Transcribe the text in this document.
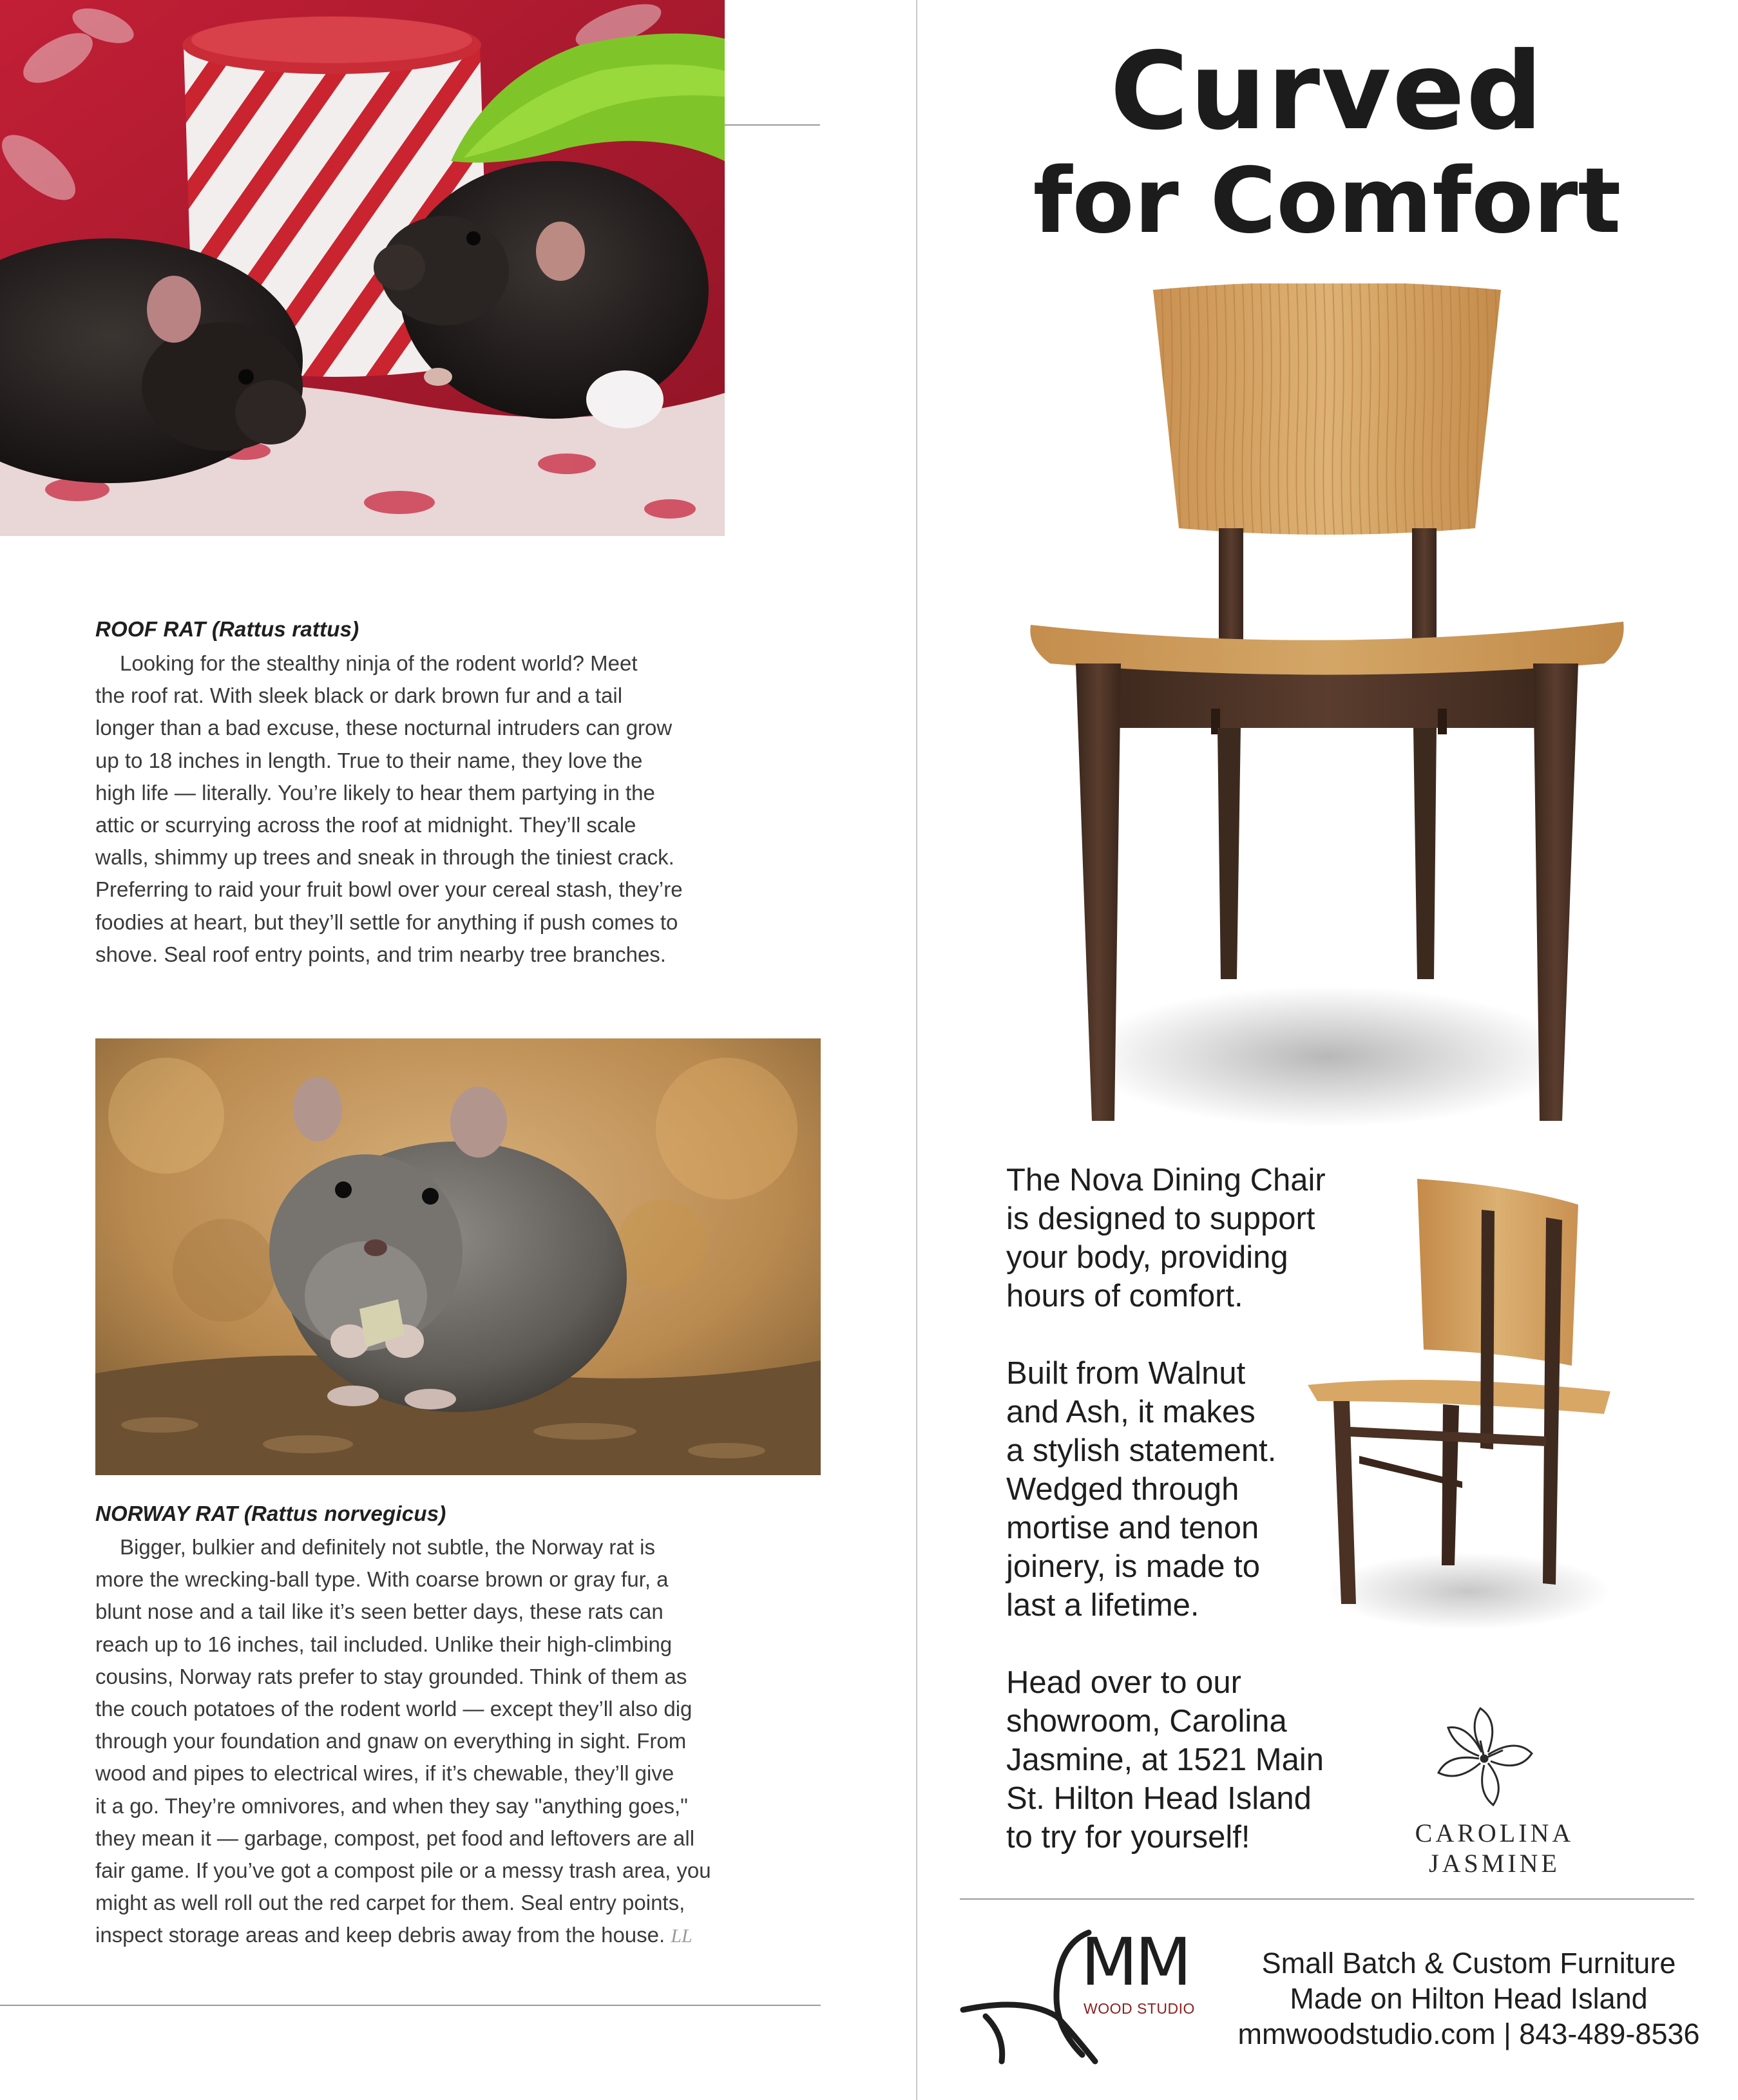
ROOF RAT (Rattus rattus)
Looking for the stealthy ninja of the rodent world? Meet
the roof rat. With sleek black or dark brown fur and a tail
longer than a bad excuse, these nocturnal intruders can grow
up to 18 inches in length. True to their name, they love the
high life — literally. You’re likely to hear them partying in the
attic or scurrying across the roof at midnight. They’ll scale
walls, shimmy up trees and sneak in through the tiniest crack.
Preferring to raid your fruit bowl over your cereal stash, they’re
foodies at heart, but they’ll settle for anything if push comes to
shove. Seal roof entry points, and trim nearby tree branches.
NORWAY RAT (Rattus norvegicus)
Bigger, bulkier and definitely not subtle, the Norway rat is
more the wrecking-ball type. With coarse brown or gray fur, a
blunt nose and a tail like it’s seen better days, these rats can
reach up to 16 inches, tail included. Unlike their high-climbing
cousins, Norway rats prefer to stay grounded. Think of them as
the couch potatoes of the rodent world — except they’ll also dig
through your foundation and gnaw on everything in sight. From
wood and pipes to electrical wires, if it’s chewable, they’ll give
it a go. They’re omnivores, and when they say "anything goes,"
they mean it — garbage, compost, pet food and leftovers are all
fair game. If you’ve got a compost pile or a messy trash area, you
might as well roll out the red carpet for them. Seal entry points,
inspect storage areas and keep debris away from the house. LL
Curved
for Comfort
The Nova Dining Chair
is designed to support
your body, providing
hours of comfort.
Built from Walnut
and Ash, it makes
a stylish statement.
Wedged through
mortise and tenon
joinery, is made to
last a lifetime.
Head over to our
showroom, Carolina
Jasmine, at 1521 Main
St. Hilton Head Island
to try for yourself!	CAROLINA JASMINE
MM
WOOD STUDIO
Small Batch & Custom Furniture
Made on Hilton Head Island
mmwoodstudio.com | 843-489-8536
